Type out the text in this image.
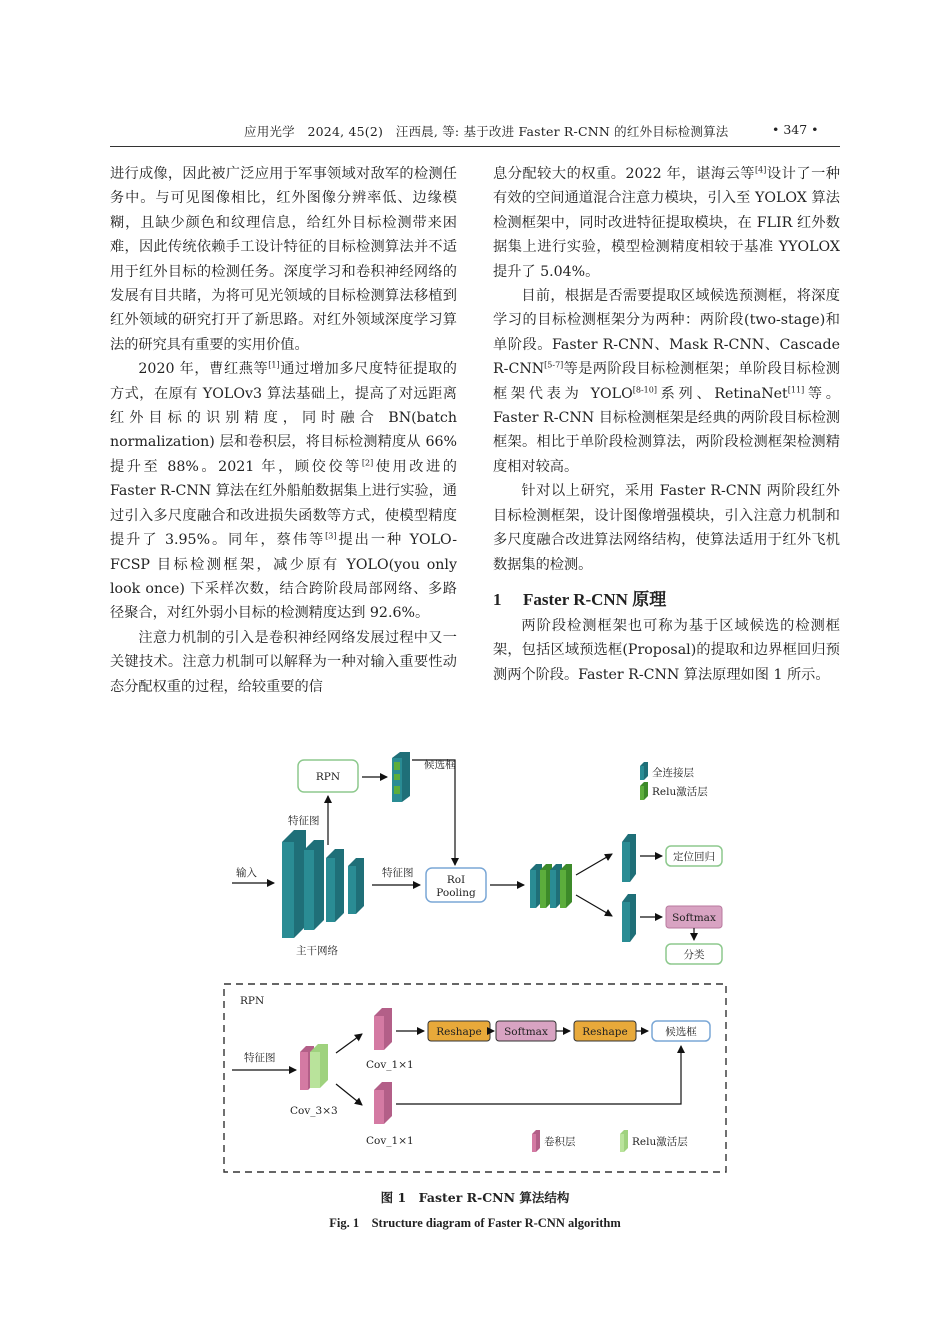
应用光学　2024, 45(2)　汪西晨, 等: 基于改进 Faster R-CNN 的红外目标检测算法	• 347 •

进行成像，因此被广泛应用于军事领域对敌军的检测任务中。与可见图像相比，红外图像分辨率低、边缘模糊，且缺少颜色和纹理信息，给红外目标检测带来困难，因此传统依赖手工设计特征的目标检测算法并不适用于红外目标的检测任务。深度学习和卷积神经网络的发展有目共睹，为将可见光领域的目标检测算法移植到红外领域的研究打开了新思路。对红外领域深度学习算法的研究具有重要的实用价值。

2020 年，曹红燕等[1]通过增加多尺度特征提取的方式，在原有 YOLOv3 算法基础上，提高了对远距离红外目标的识别精度，同时融合 BN(batch normalization) 层和卷积层，将目标检测精度从 66% 提升至 88%。2021 年，顾佼佼等[2]使用改进的 Faster R-CNN 算法在红外船舶数据集上进行实验，通过引入多尺度融合和改进损失函数等方式，使模型精度提升了 3.95%。同年，蔡伟等[3]提出一种 YOLO-FCSP 目标检测框架，减少原有 YOLO(you only look once) 下采样次数，结合跨阶段局部网络、多路径聚合，对红外弱小目标的检测精度达到 92.6%。

注意力机制的引入是卷积神经网络发展过程中又一关键技术。注意力机制可以解释为一种对输入重要性动态分配权重的过程，给较重要的信

息分配较大的权重。2022 年，谌海云等[4]设计了一种有效的空间通道混合注意力模块，引入至 YOLOX 算法检测框架中，同时改进特征提取模块，在 FLIR 红外数据集上进行实验，模型检测精度相较于基准 YYOLOX 提升了 5.04%。

目前，根据是否需要提取区域候选预测框，将深度学习的目标检测框架分为两种：两阶段(two-stage)和单阶段。Faster R-CNN、Mask R-CNN、Cascade R-CNN[5-7]等是两阶段目标检测框架；单阶段目标检测框架代表为 YOLO[8-10]系列、RetinaNet[11]等。Faster R-CNN 目标检测框架是经典的两阶段目标检测框架。相比于单阶段检测算法，两阶段检测框架检测精度相对较高。

针对以上研究，采用 Faster R-CNN 两阶段红外目标检测框架，设计图像增强模块，引入注意力机制和多尺度融合改进算法网络结构，使算法适用于红外飞机数据集的检测。

1 Faster R-CNN 原理

两阶段检测框架也可称为基于区域候选的检测框架，包括区域预选框(Proposal)的提取和边界框回归预测两个阶段。Faster R-CNN 算法原理如图 1 所示。

RPN
候选框
特征图
输入
主干网络
特征图
RoI
Pooling
定位回归
Softmax
分类
全连接层
Relu激活层
RPN
特征图
Cov_3×3
Cov_1×1
Reshape Softmax	Reshape	候选框
Cov_1×1	卷积层	Relu激活层
图 1　Faster R-CNN 算法结构
Fig. 1　Structure diagram of Faster R-CNN algorithm
